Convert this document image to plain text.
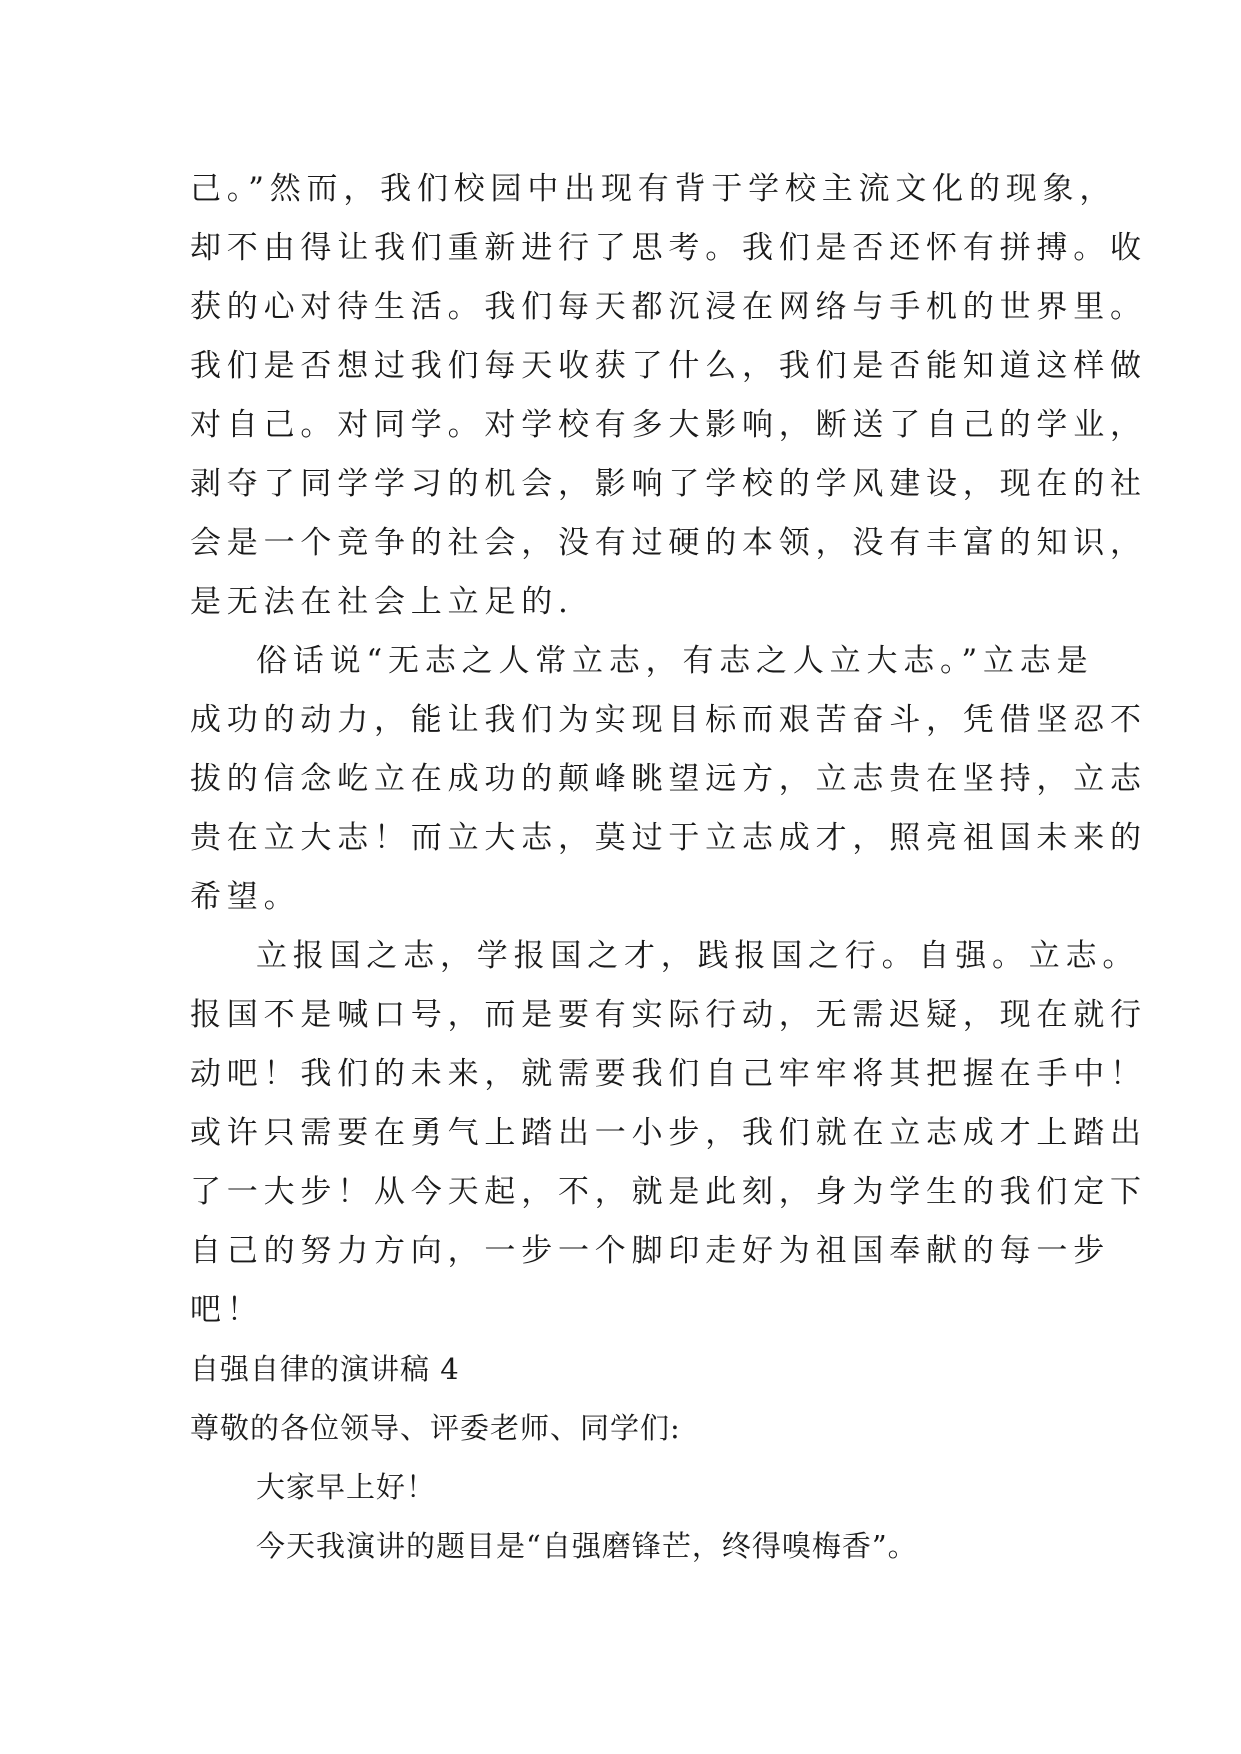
己。”然而，我们校园中出现有背于学校主流文化的现象，
却不由得让我们重新进行了思考。我们是否还怀有拼搏。收
获的心对待生活。我们每天都沉浸在网络与手机的世界里。
我们是否想过我们每天收获了什么，我们是否能知道这样做
对自己。对同学。对学校有多大影响，断送了自己的学业，
剥夺了同学学习的机会，影响了学校的学风建设，现在的社
会是一个竞争的社会，没有过硬的本领，没有丰富的知识，
是无法在社会上立足的.
俗话说“无志之人常立志，有志之人立大志。”立志是
成功的动力，能让我们为实现目标而艰苦奋斗，凭借坚忍不
拔的信念屹立在成功的颠峰眺望远方，立志贵在坚持，立志
贵在立大志！而立大志，莫过于立志成才，照亮祖国未来的
希望。
立报国之志，学报国之才，践报国之行。自强。立志。
报国不是喊口号，而是要有实际行动，无需迟疑，现在就行
动吧！我们的未来，就需要我们自己牢牢将其把握在手中！
或许只需要在勇气上踏出一小步，我们就在立志成才上踏出
了一大步！从今天起，不，就是此刻，身为学生的我们定下
自己的努力方向，一步一个脚印走好为祖国奉献的每一步
吧！
自强自律的演讲稿 4
尊敬的各位领导、评委老师、同学们:
大家早上好！
今天我演讲的题目是“自强磨锋芒，终得嗅梅香”。
